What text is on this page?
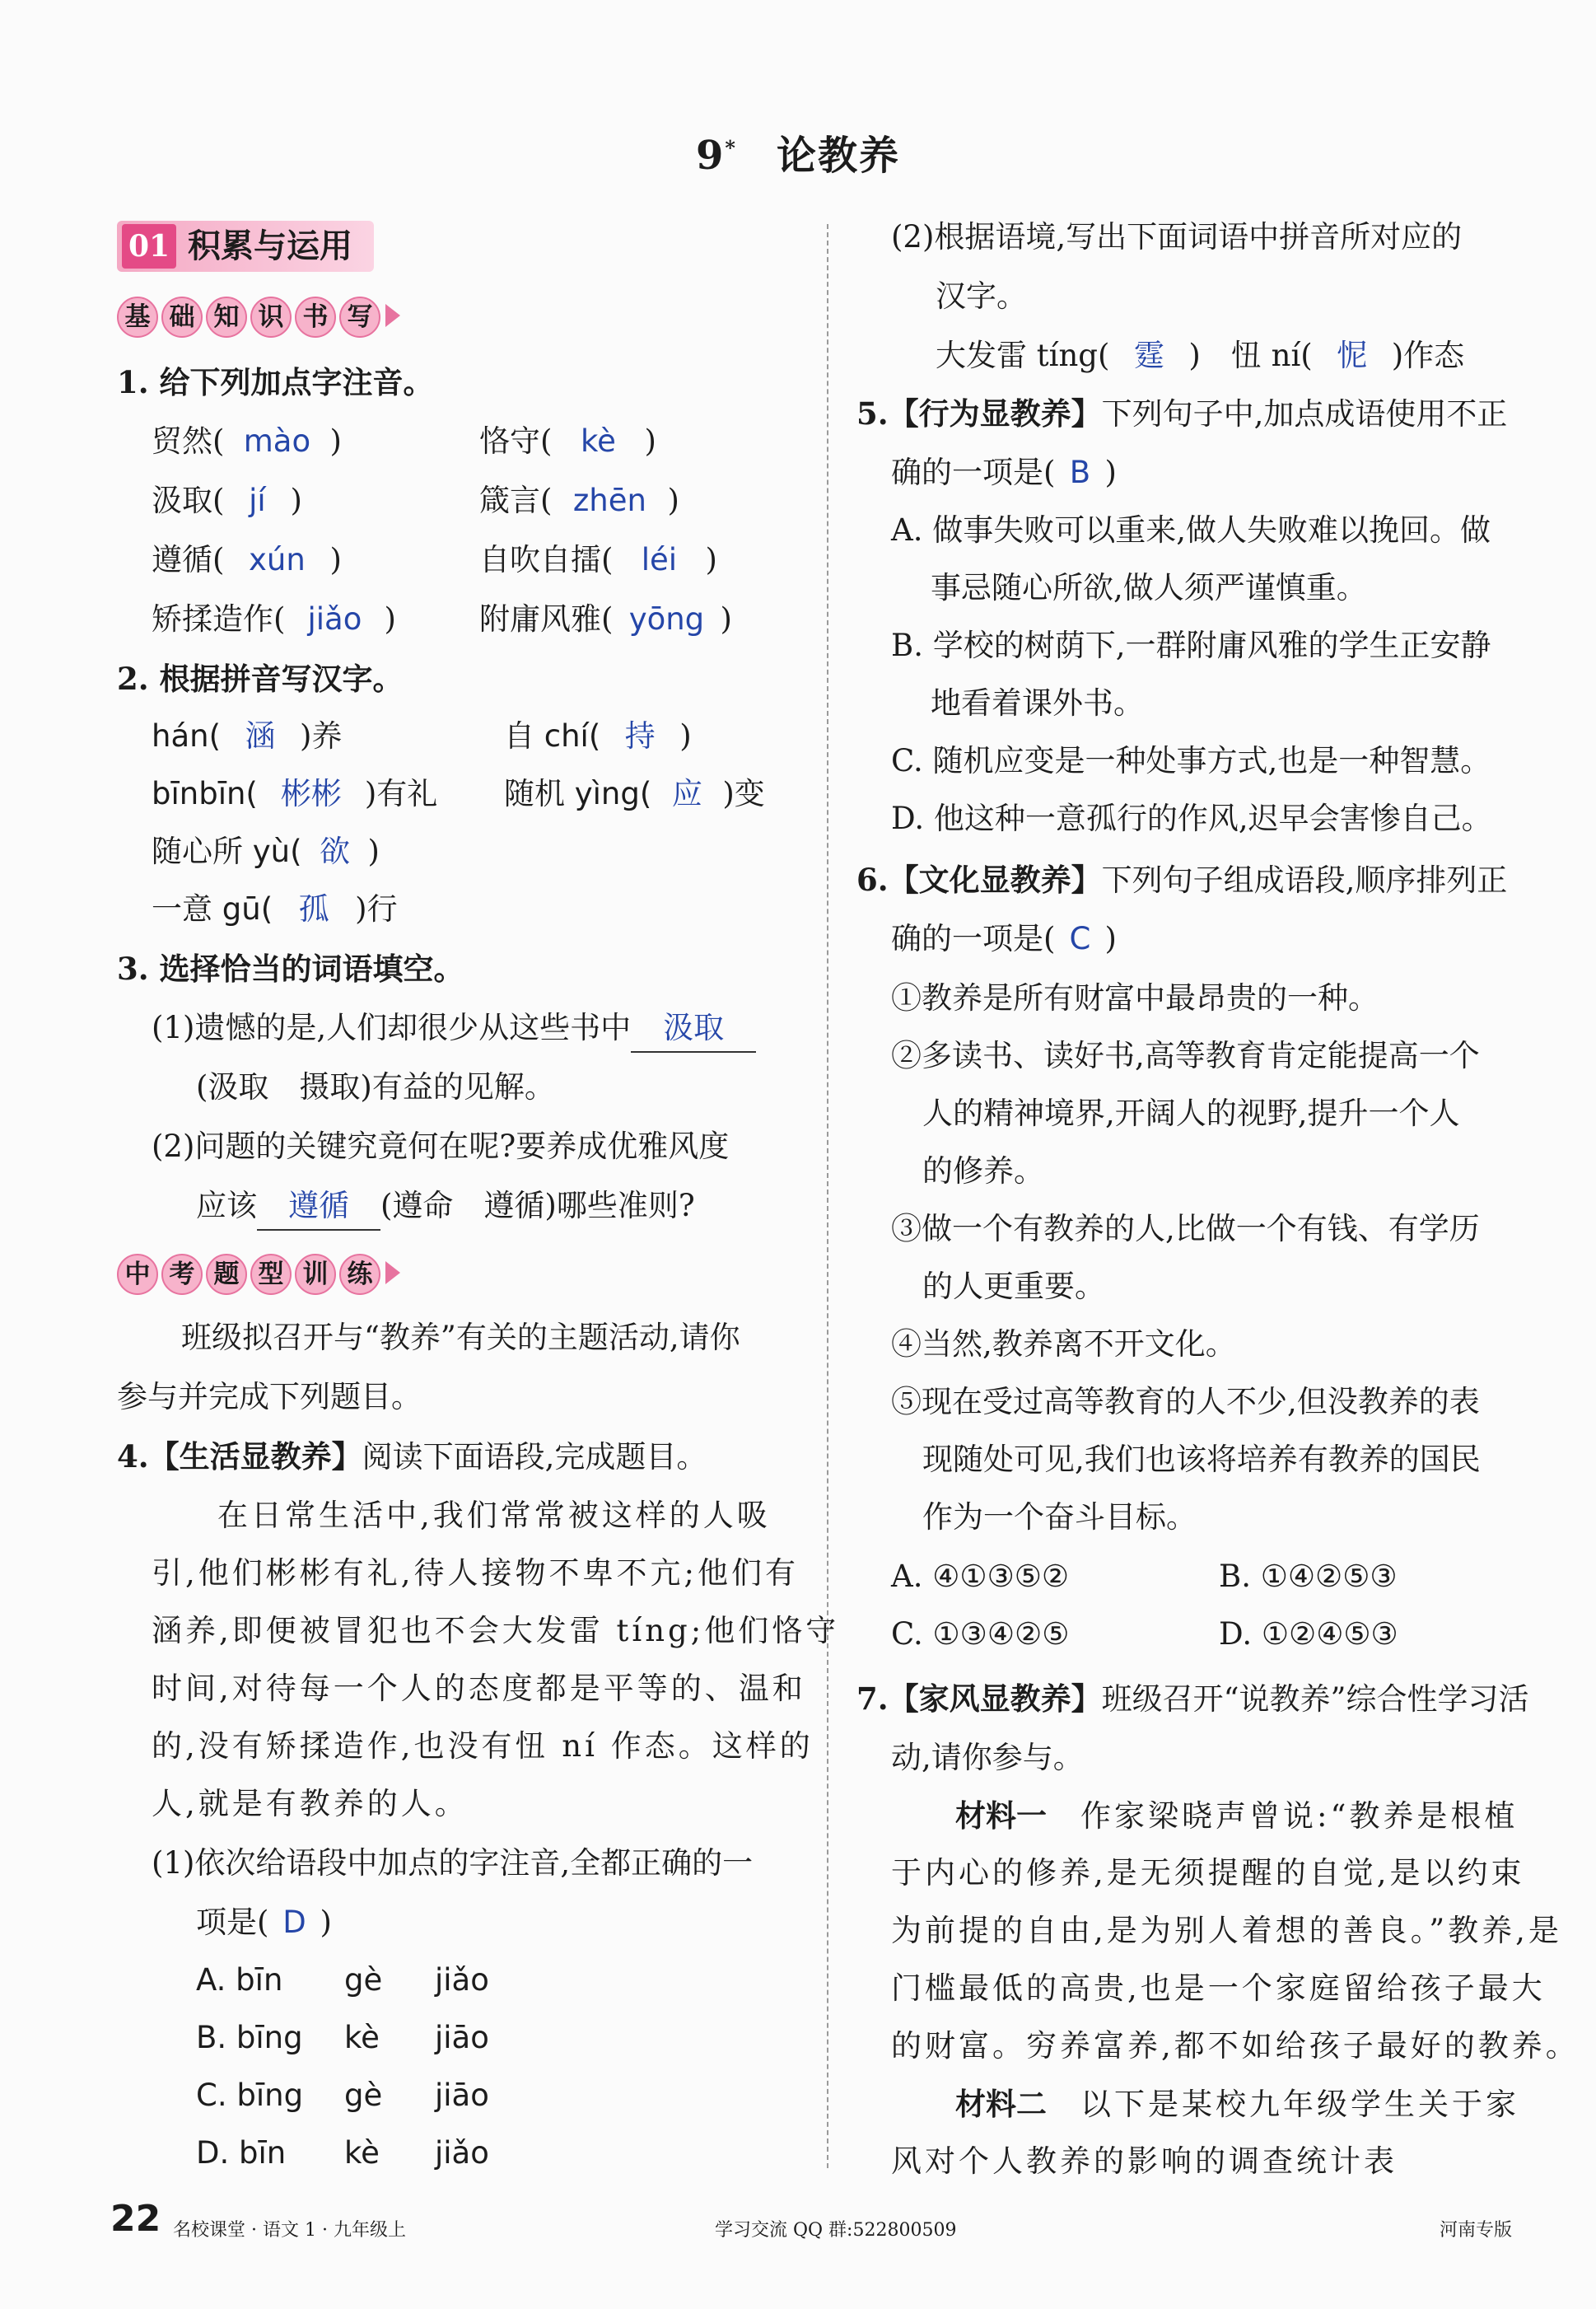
9* 论教养
01 积累与运用
基 础 知 识 书 写
1. 给下列加点字注音。
贸然( mào )	恪守( kè )
汲取( jí )	箴言( zhēn )
遵循( xún )	自吹自擂( léi )
矫揉造作( jiǎo )	附庸风雅( yōng )
2. 根据拼音写汉字。
hán( 涵 )养	自 chí( 持 )
bīnbīn( 彬彬 )有礼 随机 yìng( 应 )变
随心所 yù( 欲 )
一意 gū( 孤 )行
3. 选择恰当的词语填空。
(1)遗憾的是,人们却很少从这些书中 汲取
(汲取　摄取)有益的见解。
(2)问题的关键究竟何在呢?要养成优雅风度
应该 遵循 (遵命　遵循)哪些准则?
中 考 题 型 训 练
班级拟召开与“教养”有关的主题活动,请你
参与并完成下列题目。
4.【生活显教养】阅读下面语段,完成题目。
在日常生活中,我们常常被这样的人吸
引,他们彬彬有礼,待人接物不卑不亢;他们有
涵养,即便被冒犯也不会大发雷 tíng;他们恪守
时间,对待每一个人的态度都是平等的、温和
的,没有矫揉造作,也没有忸 ní 作态。这样的
人,就是有教养的人。
(1)依次给语段中加点的字注音,全都正确的一
项是( D )
A. bīn gè jiǎo
B. bīng kè jiāo
C. bīng gè jiāo
D. bīn kè jiǎo
(2)根据语境,写出下面词语中拼音所对应的
汉字。
大发雷 tíng( 霆 )　忸 ní( 怩 )作态
5.【行为显教养】下列句子中,加点成语使用不正
确的一项是( B )
A. 做事失败可以重来,做人失败难以挽回。做
事忌随心所欲,做人须严谨慎重。
B. 学校的树荫下,一群附庸风雅的学生正安静
地看着课外书。
C. 随机应变是一种处事方式,也是一种智慧。
D. 他这种一意孤行的作风,迟早会害惨自己。
6.【文化显教养】下列句子组成语段,顺序排列正
确的一项是( C )
①教养是所有财富中最昂贵的一种。
②多读书、读好书,高等教育肯定能提高一个
人的精神境界,开阔人的视野,提升一个人
的修养。
③做一个有教养的人,比做一个有钱、有学历
的人更重要。
④当然,教养离不开文化。
⑤现在受过高等教育的人不少,但没教养的表
现随处可见,我们也该将培养有教养的国民
作为一个奋斗目标。
A. ④①③⑤②	B. ①④②⑤③
C. ①③④②⑤	D. ①②④⑤③
7.【家风显教养】班级召开“说教养”综合性学习活
动,请你参与。
材料一　 作家梁晓声曾说:“教养是根植
于内心的修养,是无须提醒的自觉,是以约束
为前提的自由,是为别人着想的善良。”教养,是
门槛最低的高贵,也是一个家庭留给孩子最大
的财富。穷养富养,都不如给孩子最好的教养。
材料二　 以下是某校九年级学生关于家
风对个人教养的影响的调查统计表
22 名校课堂 · 语文 1 · 九年级上	学习交流 QQ 群:522800509	河南专版
